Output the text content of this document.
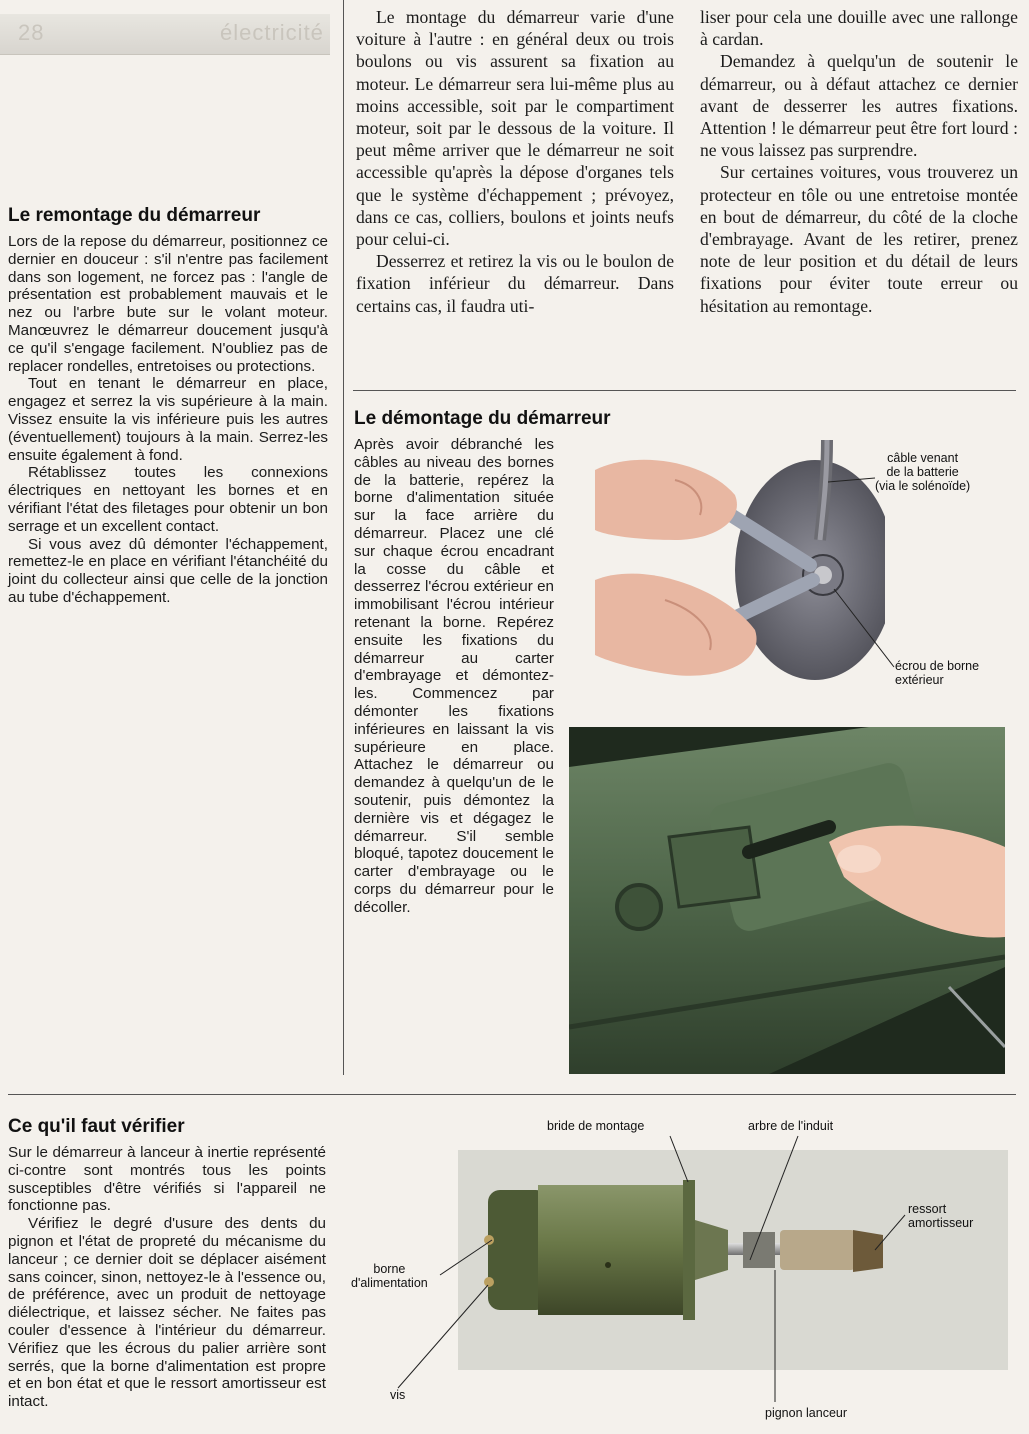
28	électricité
Le remontage du démarreur

Lors de la repose du démarreur, positionnez ce dernier en douceur : s'il n'entre pas facilement dans son logement, ne forcez pas : l'angle de présentation est probablement mauvais et le nez ou l'arbre bute sur le volant moteur. Manœuvrez le démarreur doucement jusqu'à ce qu'il s'engage facilement. N'oubliez pas de replacer rondelles, entretoises ou protections.

Tout en tenant le démarreur en place, engagez et serrez la vis supérieure à la main. Vissez ensuite la vis inférieure puis les autres (éventuellement) toujours à la main. Serrez-les ensuite également à fond.

Rétablissez toutes les connexions électriques en nettoyant les bornes et en vérifiant l'état des filetages pour obtenir un bon serrage et un excellent contact.

Si vous avez dû démonter l'échappement, remettez-le en place en vérifiant l'étanchéité du joint du collecteur ainsi que celle de la jonction au tube d'échappement.

Le montage du démarreur varie d'une voiture à l'autre : en général deux ou trois boulons ou vis assurent sa fixation au moteur. Le démarreur sera lui-même plus au moins accessible, soit par le compartiment moteur, soit par le dessous de la voiture. Il peut même arriver que le démarreur ne soit accessible qu'après la dépose d'organes tels que le système d'échappement ; prévoyez, dans ce cas, colliers, boulons et joints neufs pour celui-ci.

Desserrez et retirez la vis ou le boulon de fixation inférieur du démarreur. Dans certains cas, il faudra uti-

liser pour cela une douille avec une rallonge à cardan.

Demandez à quelqu'un de soutenir le démarreur, ou à défaut attachez ce dernier avant de desserrer les autres fixations. Attention ! le démarreur peut être fort lourd : ne vous laissez pas surprendre.

Sur certaines voitures, vous trouverez un protecteur en tôle ou une entretoise montée en bout de démarreur, du côté de la cloche d'embrayage. Avant de les retirer, prenez note de leur position et du détail de leurs fixations pour éviter toute erreur ou hésitation au remontage.

Le démontage du démarreur

Après avoir débranché les câbles au niveau des bornes de la batterie, repérez la borne d'alimentation située sur la face arrière du démarreur. Placez une clé sur chaque écrou encadrant la cosse du câble et desserrez l'écrou extérieur en immobilisant l'écrou intérieur retenant la borne. Repérez ensuite les fixations du démarreur au carter d'embrayage et démontez-les. Commencez par démonter les fixations inférieures en laissant la vis supérieure en place. Attachez le démarreur ou demandez à quelqu'un de le soutenir, puis démontez la dernière vis et dégagez le démarreur. S'il semble bloqué, tapotez doucement le carter d'embrayage ou le corps du démarreur pour le décoller.

câble venant
de la batterie
(via le solénoïde)
écrou de borne
extérieur
Ce qu'il faut vérifier

Sur le démarreur à lanceur à inertie représenté ci-contre sont montrés tous les points susceptibles d'être vérifiés si l'appareil ne fonctionne pas.

Vérifiez le degré d'usure des dents du pignon et l'état de propreté du mécanisme du lanceur ; ce dernier doit se déplacer aisément sans coincer, sinon, nettoyez-le à l'essence ou, de préférence, avec un produit de nettoyage diélectrique, et laissez sécher. Ne faites pas couler d'essence à l'intérieur du démarreur. Vérifiez que les écrous du palier arrière sont serrés, que la borne d'alimentation est propre et en bon état et que le ressort amortisseur est intact.

bride de montage	arbre de l'induit
ressort
amortisseur
borne
d'alimentation
vis
pignon lanceur
